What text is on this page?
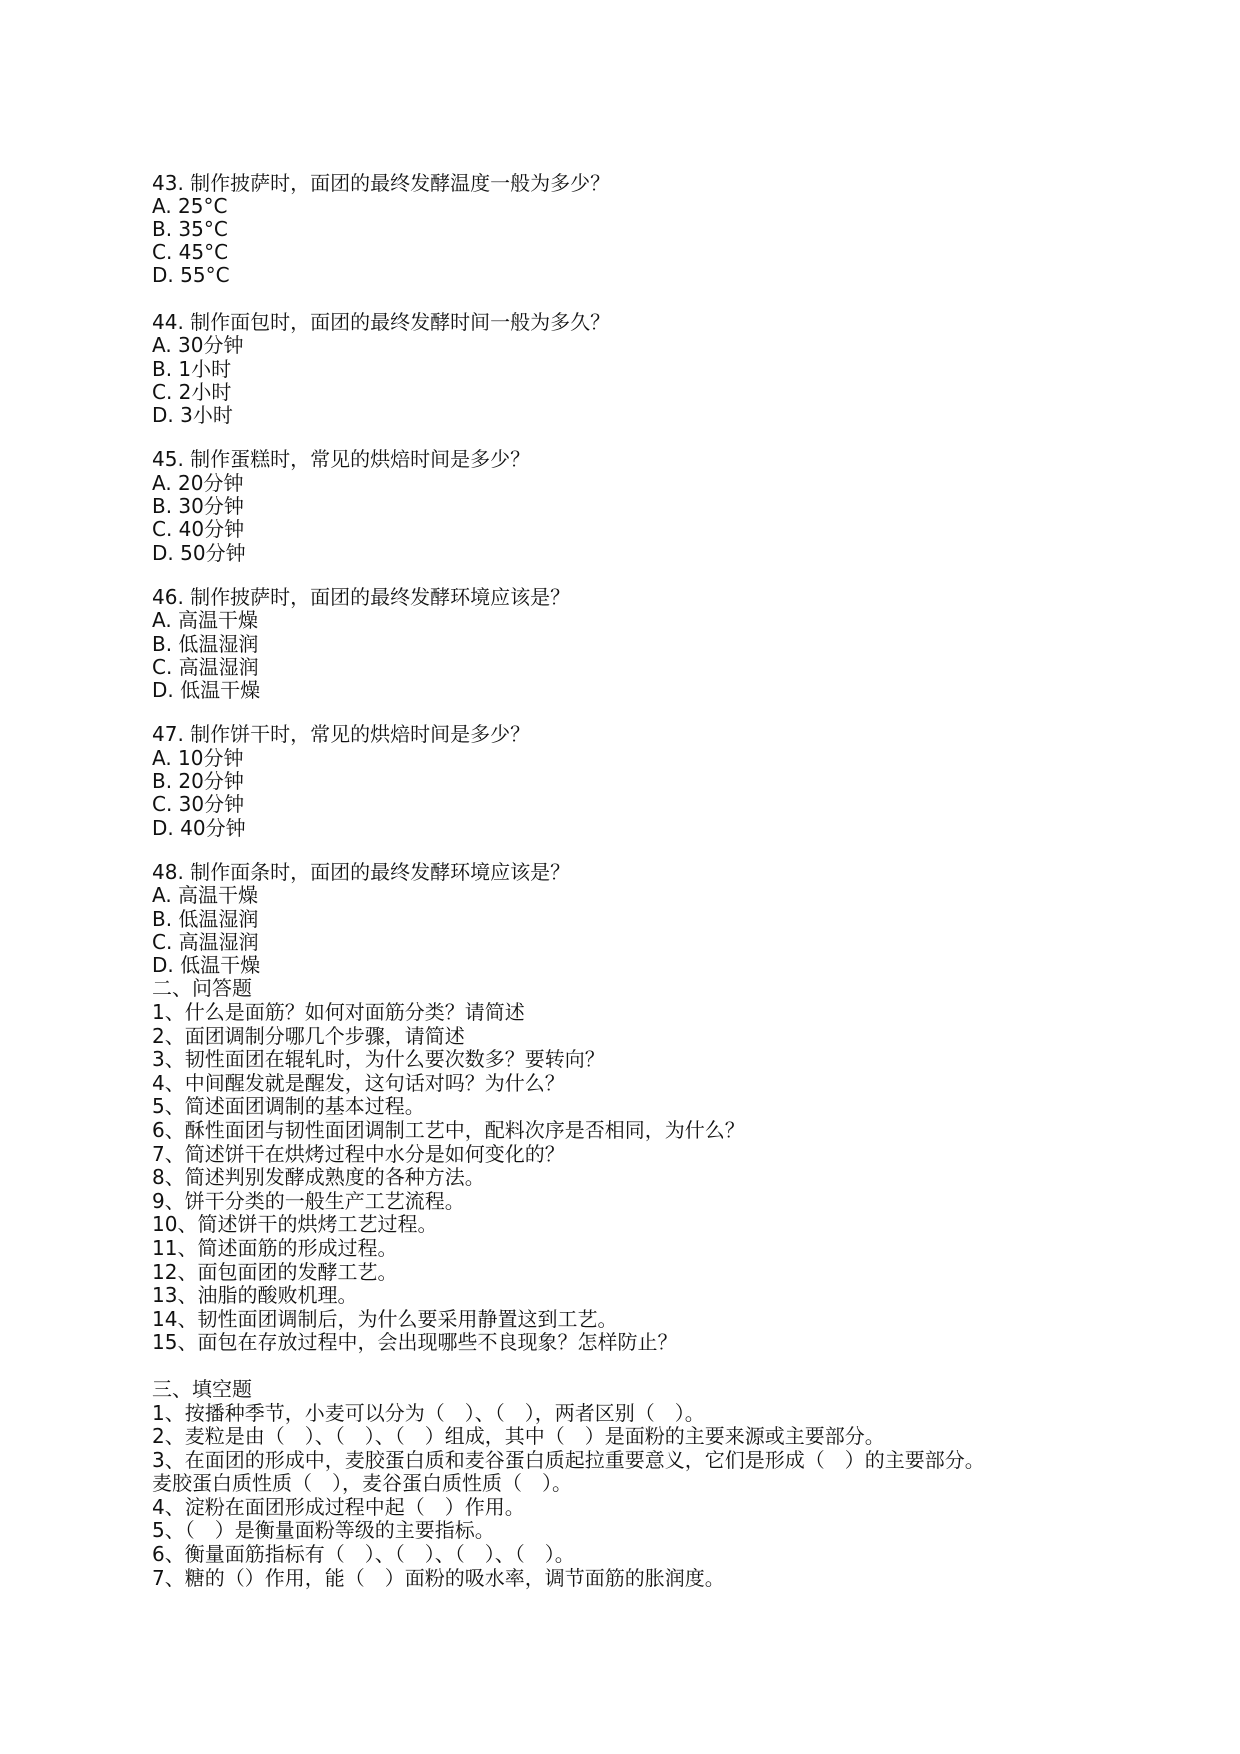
43. 制作披萨时，面团的最终发酵温度一般为多少？
A. 25°C
B. 35°C
C. 45°C
D. 55°C
44. 制作面包时，面团的最终发酵时间一般为多久？
A. 30分钟
B. 1小时
C. 2小时
D. 3小时
45. 制作蛋糕时，常见的烘焙时间是多少？
A. 20分钟
B. 30分钟
C. 40分钟
D. 50分钟
46. 制作披萨时，面团的最终发酵环境应该是？
A. 高温干燥
B. 低温湿润
C. 高温湿润
D. 低温干燥
47. 制作饼干时，常见的烘焙时间是多少？
A. 10分钟
B. 20分钟
C. 30分钟
D. 40分钟
48. 制作面条时，面团的最终发酵环境应该是？
A. 高温干燥
B. 低温湿润
C. 高温湿润
D. 低温干燥
二、问答题
1、什么是面筋？如何对面筋分类？请简述
2、面团调制分哪几个步骤，请简述
3、韧性面团在辊轧时，为什么要次数多？要转向？
4、中间醒发就是醒发，这句话对吗？为什么？
5、简述面团调制的基本过程。
6、酥性面团与韧性面团调制工艺中，配料次序是否相同，为什么？
7、简述饼干在烘烤过程中水分是如何变化的？
8、简述判别发酵成熟度的各种方法。
9、饼干分类的一般生产工艺流程。
10、简述饼干的烘烤工艺过程。
11、简述面筋的形成过程。
12、面包面团的发酵工艺。
13、油脂的酸败机理。
14、韧性面团调制后，为什么要采用静置这到工艺。
15、面包在存放过程中，会出现哪些不良现象？怎样防止？
三、填空题
1、按播种季节，小麦可以分为（　）、（　），两者区别（　）。
2、麦粒是由（　）、（　）、（　）组成，其中（　）是面粉的主要来源或主要部分。
3、在面团的形成中，麦胶蛋白质和麦谷蛋白质起拉重要意义，它们是形成（　）的主要部分。
麦胶蛋白质性质（　），麦谷蛋白质性质（　）。
4、淀粉在面团形成过程中起（　）作用。
5、（　）是衡量面粉等级的主要指标。
6、衡量面筋指标有（　）、（　）、（　）、（　）。
7、糖的（）作用，能（　）面粉的吸水率，调节面筋的胀润度。
